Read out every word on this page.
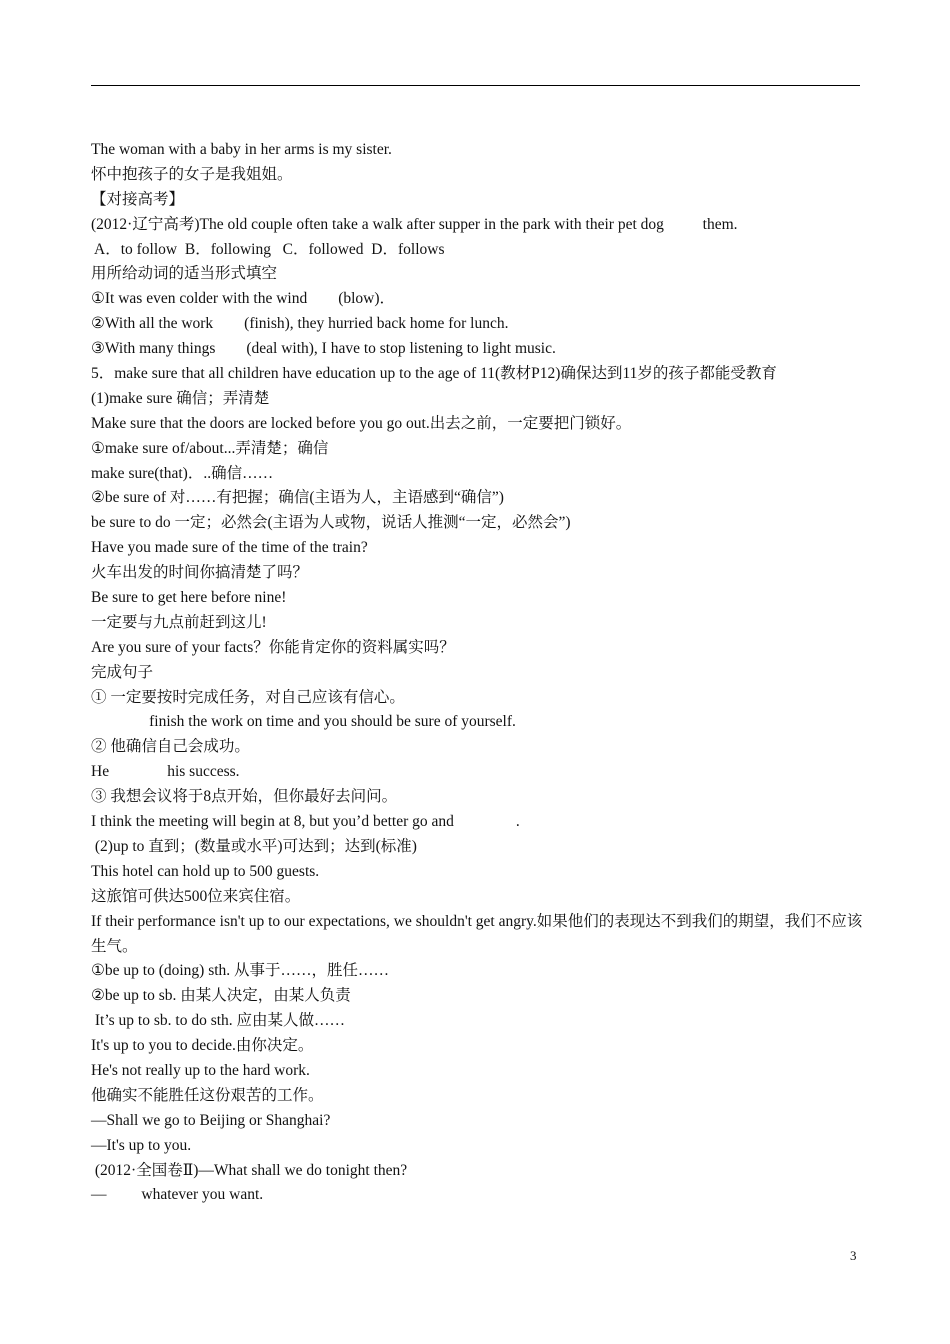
The woman with a baby in her arms is my sister.
怀中抱孩子的女子是我姐姐。
【对接高考】
(2012·辽宁高考)The old couple often take a walk after supper in the park with their pet dog          them.
A．to follow  B．following   C．followed  D．follows
用所给动词的适当形式填空
①It was even colder with the wind        (blow)．
②With all the work        (finish), they hurried back home for lunch.
③With many things        (deal with), I have to stop listening to light music.
5．make sure that all children have education up to the age of 11(教材P12)确保达到11岁的孩子都能受教育
(1)make sure 确信；弄清楚
Make sure that the doors are locked before you go out.出去之前，一定要把门锁好。
①make sure of/about...弄清楚；确信
make sure(that)．..确信……
②be sure of 对……有把握；确信(主语为人，主语感到“确信”)
be sure to do 一定；必然会(主语为人或物，说话人推测“一定，必然会”)
Have you made sure of the time of the train?
火车出发的时间你搞清楚了吗？
Be sure to get here before nine!
一定要与九点前赶到这儿!
Are you sure of your facts？你能肯定你的资料属实吗？
完成句子
① 一定要按时完成任务，对自己应该有信心。
finish the work on time and you should be sure of yourself.
② 他确信自己会成功。
He               his success.
③ 我想会议将于8点开始，但你最好去问问。
I think the meeting will begin at 8, but you’d better go and                .
(2)up to 直到；(数量或水平)可达到；达到(标准)
This hotel can hold up to 500 guests.
这旅馆可供达500位来宾住宿。
If their performance isn't up to our expectations, we shouldn't get angry.如果他们的表现达不到我们的期望，我们不应该生气。
①be up to (doing) sth. 从事于……，胜任……
②be up to sb. 由某人决定，由某人负责
It’s up to sb. to do sth. 应由某人做……
It's up to you to decide.由你决定。
He's not really up to the hard work.
他确实不能胜任这份艰苦的工作。
—Shall we go to Beijing or Shanghai?
—It's up to you.
(2012·全国卷Ⅱ)—What shall we do tonight then?
—         whatever you want.
3
